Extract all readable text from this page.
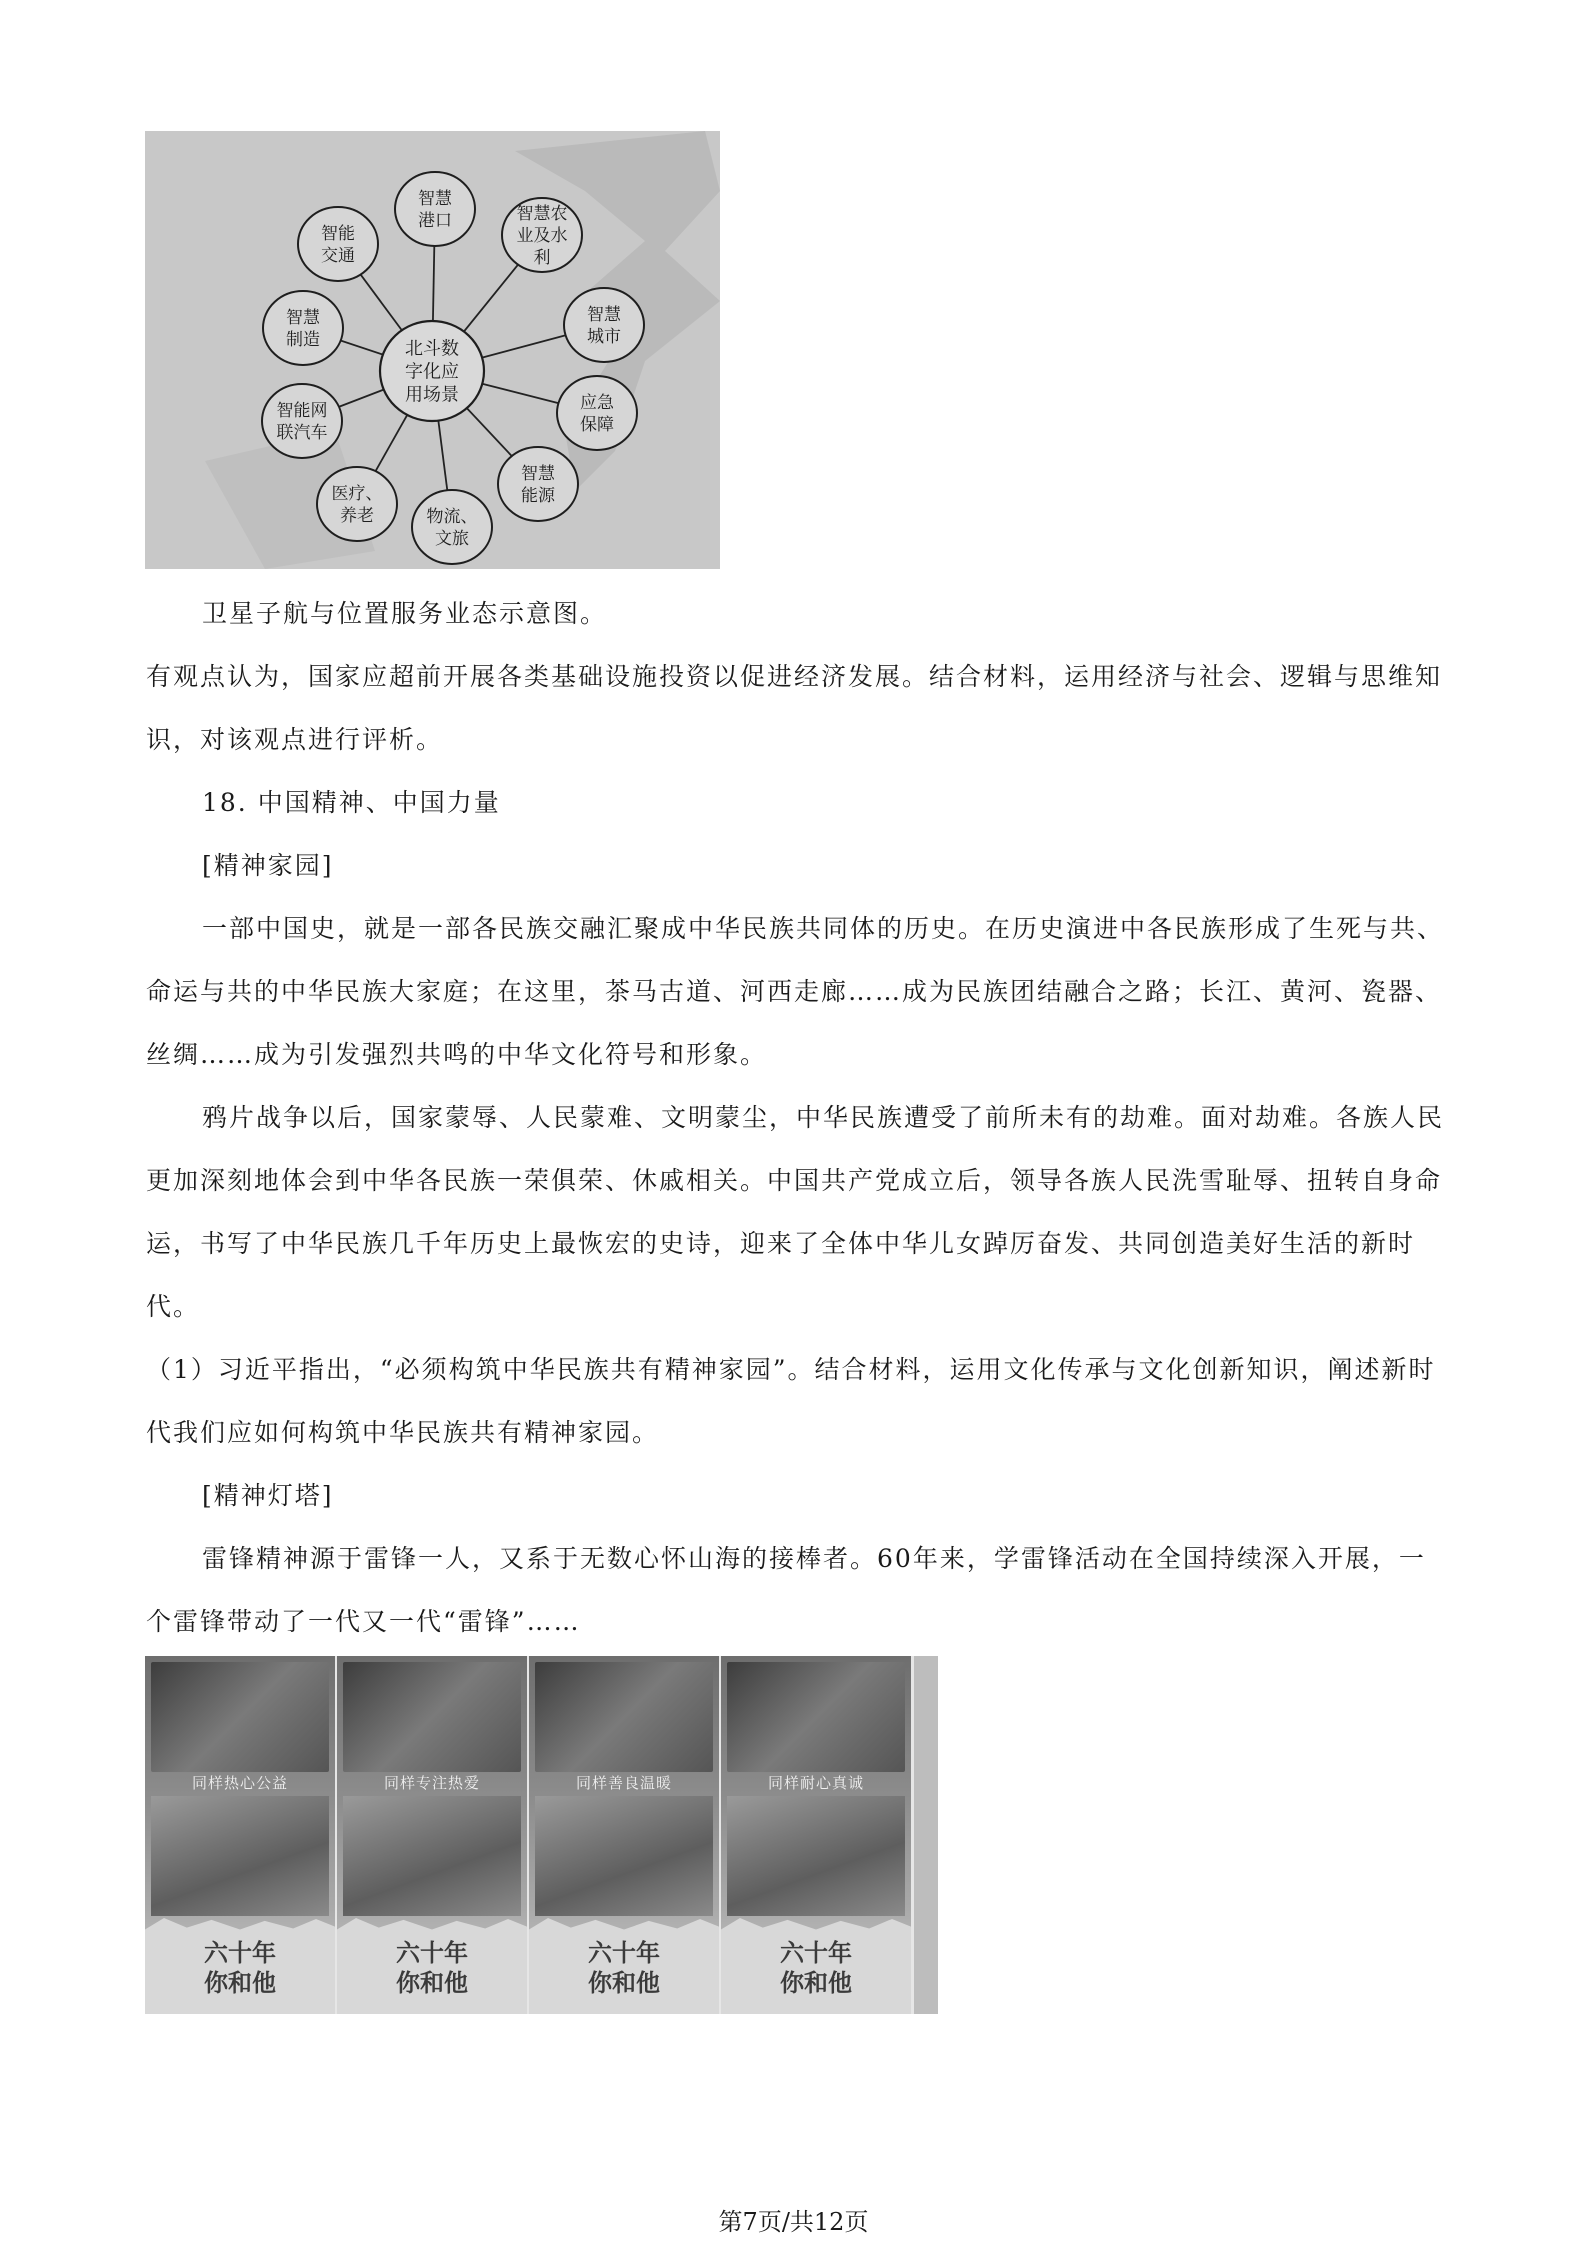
智慧
港口	智慧农
业及水
利
智慧
城市
应急
保障
智慧
能源
物流、
文旅
医疗、
养老
智能网
联汽车
智慧
制造
智能
交通
北斗数
字化应
用场景
卫星子航与位置服务业态示意图。
有观点认为，国家应超前开展各类基础设施投资以促进经济发展。结合材料，运用经济与社会、逻辑与思维知识，对该观点进行评析。
18. 中国精神、中国力量
[精神家园]
一部中国史，就是一部各民族交融汇聚成中华民族共同体的历史。在历史演进中各民族形成了生死与共、命运与共的中华民族大家庭；在这里，茶马古道、河西走廊……成为民族团结融合之路；长江、黄河、瓷器、丝绸……成为引发强烈共鸣的中华文化符号和形象。
鸦片战争以后，国家蒙辱、人民蒙难、文明蒙尘，中华民族遭受了前所未有的劫难。面对劫难。各族人民更加深刻地体会到中华各民族一荣俱荣、休戚相关。中国共产党成立后，领导各族人民洗雪耻辱、扭转自身命运，书写了中华民族几千年历史上最恢宏的史诗，迎来了全体中华儿女踔厉奋发、共同创造美好生活的新时代。
（1）习近平指出，“必须构筑中华民族共有精神家园”。结合材料，运用文化传承与文化创新知识，阐述新时代我们应如何构筑中华民族共有精神家园。
[精神灯塔]
雷锋精神源于雷锋一人，又系于无数心怀山海的接棒者。60年来，学雷锋活动在全国持续深入开展，一个雷锋带动了一代又一代“雷锋”……
同样热心公益
六十年
你和他
同样专注热爱
六十年
你和他
同样善良温暖
六十年
你和他
同样耐心真诚
六十年
你和他
第7页/共12页
